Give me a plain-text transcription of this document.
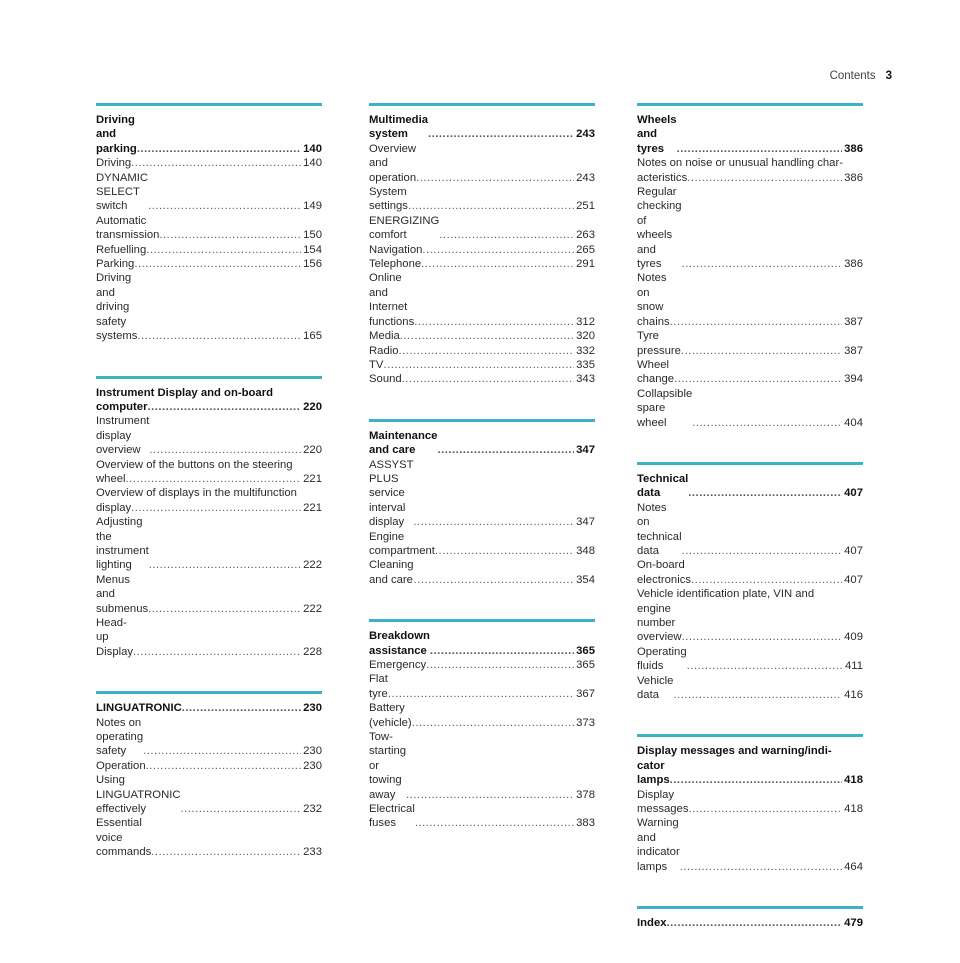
Contents 3
Driving and parking .....	140
Driving .....	140
DYNAMIC SELECT switch .....	149
Automatic transmission .....	150
Refuelling .....	154
Parking .....	156
Driving and driving safety systems .....	165
Instrument Display and on-board
computer .....	220
Instrument display overview .....	220
Overview of the buttons on the steering
wheel .....	221
Overview of displays in the multifunction
display .....	221
Adjusting the instrument lighting .....	222
Menus and submenus .....	222
Head-up Display .....	228
LINGUATRONIC .....	230
Notes on operating safety .....	230
Operation .....	230
Using LINGUATRONIC effectively .....	232
Essential voice commands .....	233
Multimedia system .....	243
Overview and operation .....	243
System settings .....	251
ENERGIZING comfort .....	263
Navigation .....	265
Telephone .....	291
Online and Internet functions .....	312
Media .....	320
Radio .....	332
TV .....	335
Sound .....	343
Maintenance and care .....	347
ASSYST PLUS service interval display .....	347
Engine compartment .....	348
Cleaning and care .....	354
Breakdown assistance .....	365
Emergency .....	365
Flat tyre .....	367
Battery (vehicle) .....	373
Tow-starting or towing away .....	378
Electrical fuses .....	383
Wheels and tyres .....	386
Notes on noise or unusual handling char-
acteristics .....	386
Regular checking of wheels and tyres .....	386
Notes on snow chains .....	387
Tyre pressure .....	387
Wheel change .....	394
Collapsible spare wheel .....	404
Technical data .....	407
Notes on technical data .....	407
On-board electronics .....	407
Vehicle identification plate, VIN and
engine number overview .....	409
Operating fluids .....	411
Vehicle data .....	416
Display messages and warning/indi-
cator lamps .....	418
Display messages .....	418
Warning and indicator lamps .....	464
Index .....	479
